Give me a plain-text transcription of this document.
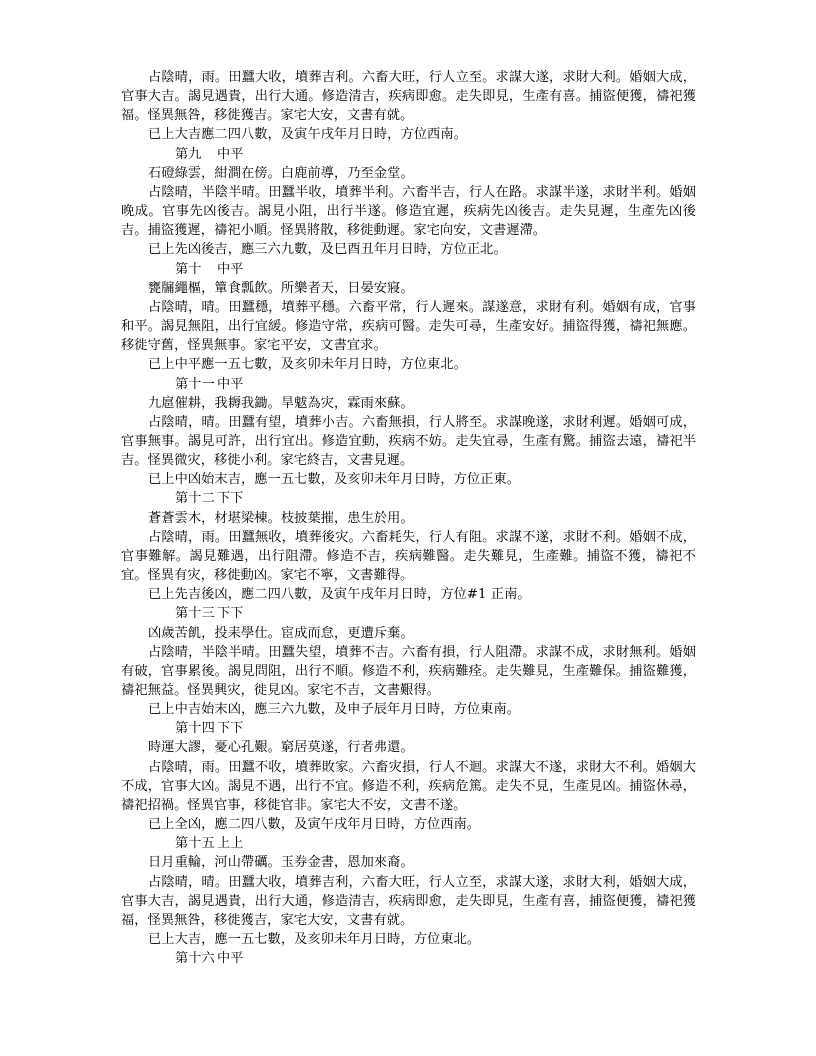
占陰晴，雨。田蠶大收，墳葬吉利。六畜大旺，行人立至。求謀大遂，求財大利。婚姻大成，官事大吉。謁見遇貴，出行大通。修造清吉，疾病即愈。走失即見，生產有喜。捕盜便獲，禱祀獲福。怪異無咎，移徙獲吉。家宅大安，文書有就。
已上大吉應二四八數，及寅午戌年月日時，方位西南。
第九 中平
石磴綠雲，紺澗在傍。白鹿前導，乃至金堂。
占陰晴，半陰半晴。田蠶半收，墳葬半利。六畜半吉，行人在路。求謀半遂，求財半利。婚姻晚成。官事先凶後吉。謁見小阻，出行半遂。修造宜遲，疾病先凶後吉。走失見遲，生產先凶後吉。捕盜獲遲，禱祀小順。怪異將散，移徙動遲。家宅向安，文書遲滯。
已上先凶後吉，應三六九數，及巳酉丑年月日時，方位正北。
第十 中平
甕牖繩樞，簞食瓢飲。所樂者天，日晏安寢。
占陰晴，晴。田蠶穩，墳葬平穩。六畜平常，行人遲來。謀遂意，求財有利。婚姻有成，官事和平。謁見無阻，出行宜緩。修造守常，疾病可醫。走失可尋，生產安好。捕盜得獲，禱祀無應。移徙守舊，怪異無事。家宅平安，文書宜求。
已上中平應一五七數，及亥卯未年月日時，方位東北。
第十一 中平
九扈催耕，我耨我鋤。旱魃為灾，霖雨來蘇。
占陰晴，晴。田蠶有望，墳葬小吉。六畜無損，行人將至。求謀晚遂，求財利遲。婚姻可成，官事無事。謁見可許，出行宜出。修造宜動，疾病不妨。走失宜尋，生產有驚。捕盜去遠，禱祀半吉。怪異微灾，移徙小利。家宅終吉，文書見遲。
已上中凶始末吉，應一五七數，及亥卯未年月日時，方位正東。
第十二 下下
蒼蒼雲木，材堪梁棟。枝披葉摧，患生於用。
占陰晴，雨。田蠶無收，墳葬後灾。六畜耗失，行人有阻。求謀不遂，求財不利。婚姻不成，官事難解。謁見難遇，出行阻滯。修造不吉，疾病難醫。走失難見，生產難。捕盜不獲，禱祀不宜。怪異有灾，移徙動凶。家宅不寧，文書難得。
已上先吉後凶，應二四八數，及寅午戌年月日時，方位#1 正南。
第十三 下下
凶歲苦飢，投耒學仕。宦成而怠，更遭斥棄。
占陰晴，半陰半晴。田蠶失望，墳葬不吉。六畜有損，行人阻滯。求謀不成，求財無利。婚姻有破，官事累後。謁見問阻，出行不順。修造不利，疾病難痊。走失難見，生產難保。捕盜難獲，禱祀無益。怪異興灾，徙見凶。家宅不吉，文書艱得。
已上中吉始末凶，應三六九數，及申子辰年月日時，方位東南。
第十四 下下
時運大謬，憂心孔艱。窮居莫遂，行者弗還。
占陰晴，雨。田蠶不收，墳葬敗家。六畜灾損，行人不迴。求謀大不遂，求財大不利。婚姻大不成，官事大凶。謁見不遇，出行不宜。修造不利，疾病危篤。走失不見，生產見凶。捕盜休尋，禱祀招禍。怪異官事，移徙官非。家宅大不安，文書不遂。
已上全凶，應二四八數，及寅午戌年月日時，方位西南。
第十五 上上
日月重輪，河山帶礪。玉券金書，恩加來裔。
占陰晴，晴。田蠶大收，墳葬吉利，六畜大旺，行人立至，求謀大遂，求財大利，婚姻大成，官事大吉，謁見遇貴，出行大通，修造清吉，疾病即愈，走失即見，生產有喜，捕盜便獲，禱祀獲福，怪異無咎，移徙獲吉，家宅大安，文書有就。
已上大吉，應一五七數，及亥卯未年月日時，方位東北。
第十六 中平
